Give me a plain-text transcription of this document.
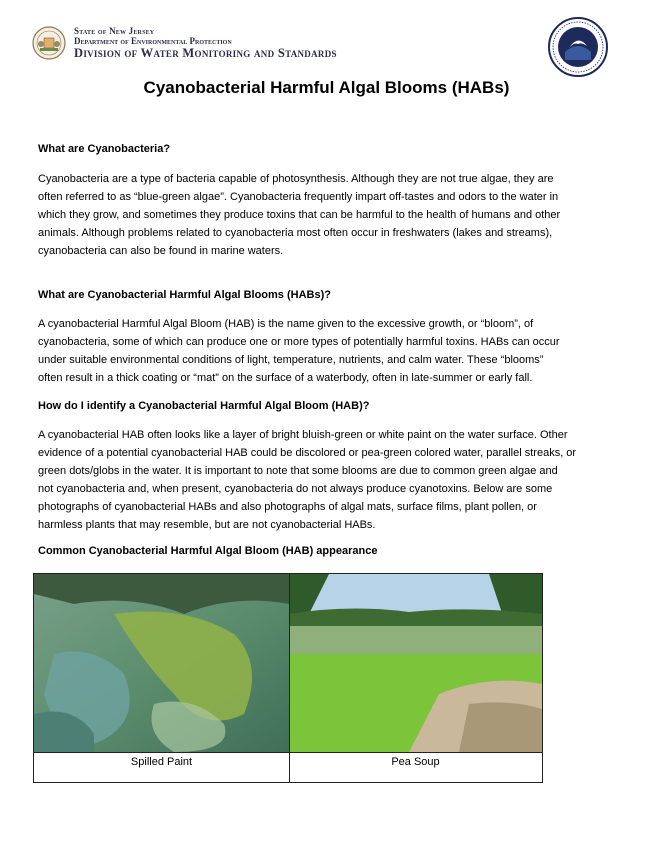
State of New Jersey
Department of Environmental Protection
Division of Water Monitoring and Standards
Cyanobacterial Harmful Algal Blooms (HABs)
What are Cyanobacteria?
Cyanobacteria are a type of bacteria capable of photosynthesis. Although they are not true algae, they are
often referred to as “blue-green algae”. Cyanobacteria frequently impart off-tastes and odors to the water in
which they grow, and sometimes they produce toxins that can be harmful to the health of humans and other
animals. Although problems related to cyanobacteria most often occur in freshwaters (lakes and streams),
cyanobacteria can also be found in marine waters.
What are Cyanobacterial Harmful Algal Blooms (HABs)?
A cyanobacterial Harmful Algal Bloom (HAB) is the name given to the excessive growth, or “bloom”, of
cyanobacteria, some of which can produce one or more types of potentially harmful toxins. HABs can occur
under suitable environmental conditions of light, temperature, nutrients, and calm water. These “blooms”
often result in a thick coating or “mat” on the surface of a waterbody, often in late-summer or early fall.
How do I identify a Cyanobacterial Harmful Algal Bloom (HAB)?
A cyanobacterial HAB often looks like a layer of bright bluish-green or white paint on the water surface. Other
evidence of a potential cyanobacterial HAB could be discolored or pea-green colored water, parallel streaks, or
green dots/globs in the water. It is important to note that some blooms are due to common green algae and
not cyanobacteria and, when present, cyanobacteria do not always produce cyanotoxins. Below are some
photographs of cyanobacterial HABs and also photographs of algal mats, surface films, plant pollen, or
harmless plants that may resemble, but are not cyanobacterial HABs.
Common Cyanobacterial Harmful Algal Bloom (HAB) appearance
Spilled Paint	Pea Soup
